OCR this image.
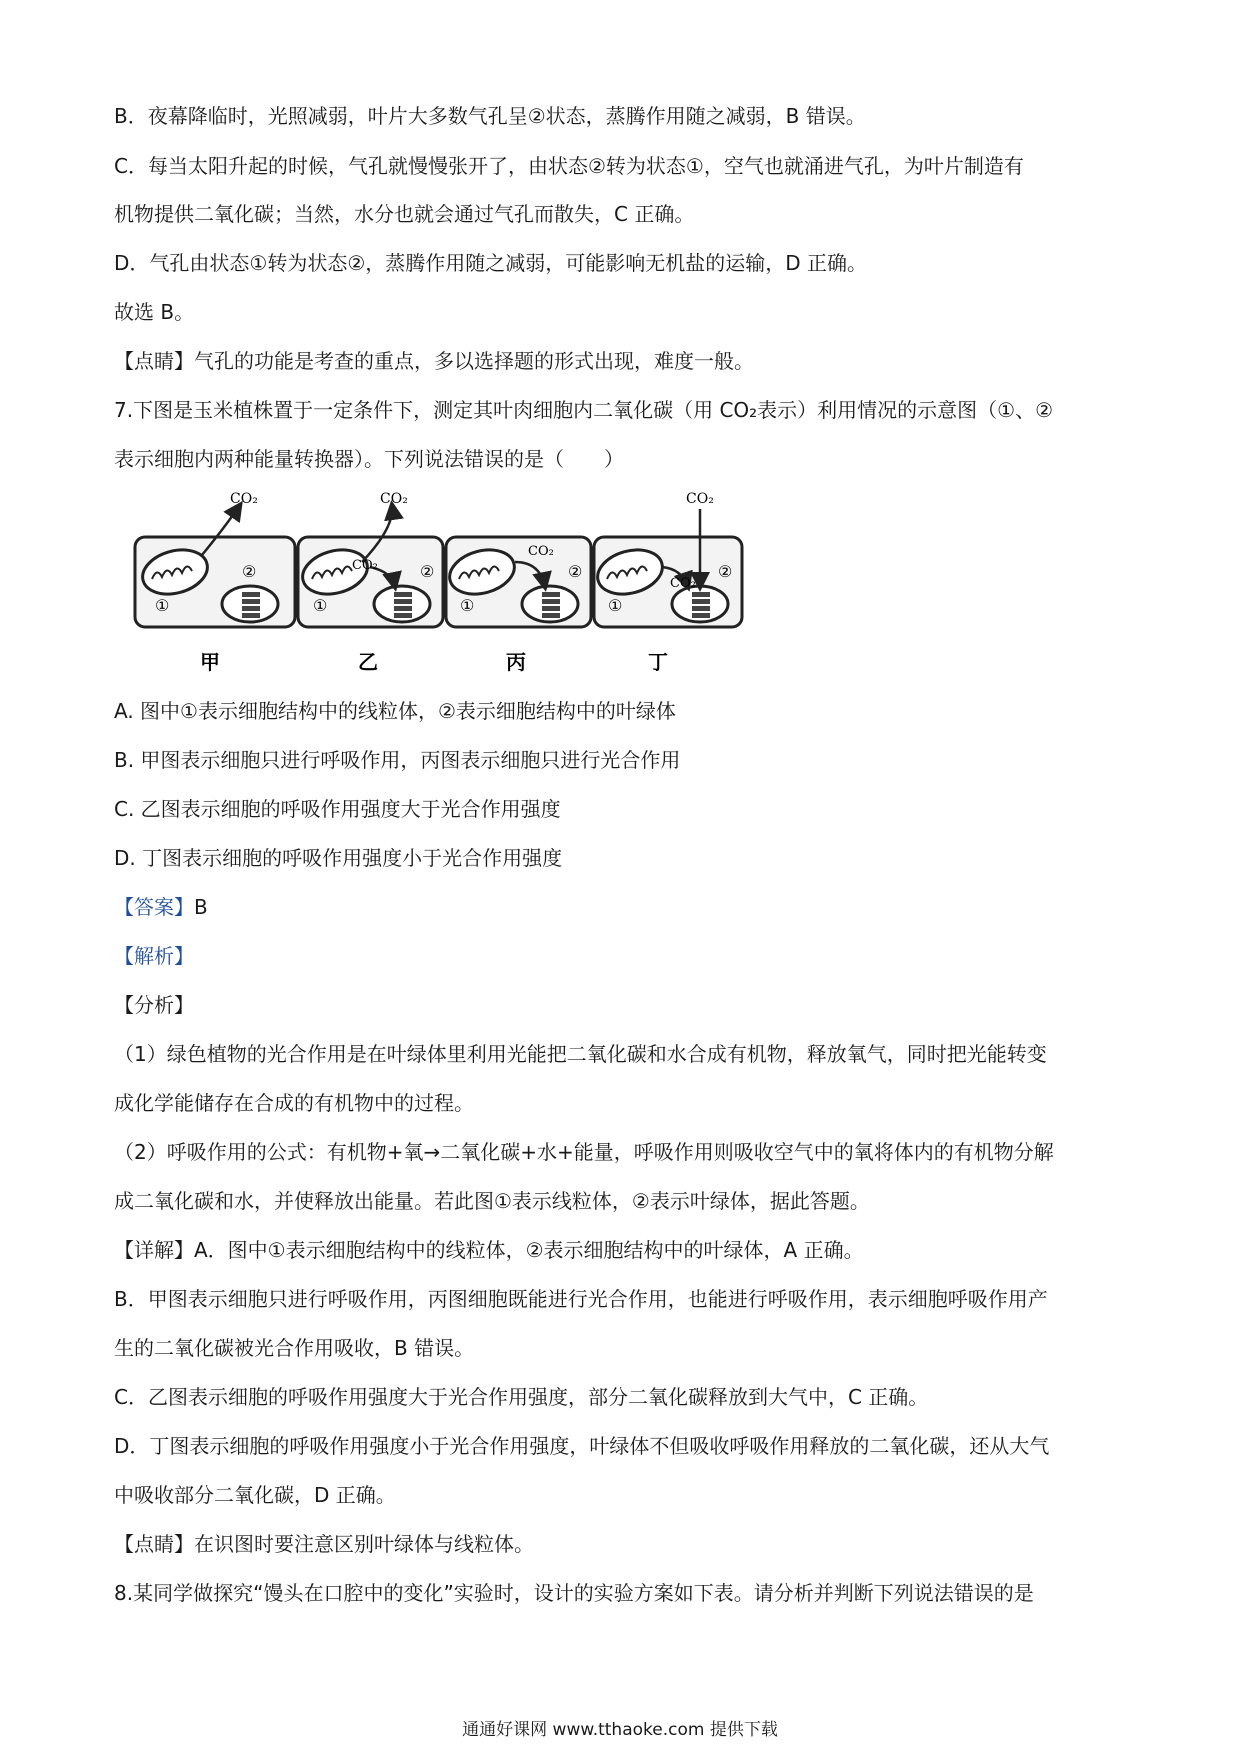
B．夜幕降临时，光照减弱，叶片大多数气孔呈②状态，蒸腾作用随之减弱，B 错误。
C．每当太阳升起的时候，气孔就慢慢张开了，由状态②转为状态①，空气也就涌进气孔，为叶片制造有
机物提供二氧化碳；当然，水分也就会通过气孔而散失，C 正确。
D．气孔由状态①转为状态②，蒸腾作用随之减弱，可能影响无机盐的运输，D 正确。
故选 B。
【点睛】气孔的功能是考查的重点，多以选择题的形式出现，难度一般。
7.下图是玉米植株置于一定条件下，测定其叶肉细胞内二氧化碳（用 CO₂表示）利用情况的示意图（①、②
表示细胞内两种能量转换器）。下列说法错误的是（　　）
CO₂
①
②
甲
CO₂
CO₂
①
②
乙
CO₂
①
②
丙
CO₂
CO₂
①
②
丁
A. 图中①表示细胞结构中的线粒体，②表示细胞结构中的叶绿体
B. 甲图表示细胞只进行呼吸作用，丙图表示细胞只进行光合作用
C. 乙图表示细胞的呼吸作用强度大于光合作用强度
D. 丁图表示细胞的呼吸作用强度小于光合作用强度
【答案】B
【解析】
【分析】
（1）绿色植物的光合作用是在叶绿体里利用光能把二氧化碳和水合成有机物，释放氧气，同时把光能转变
成化学能储存在合成的有机物中的过程。
（2）呼吸作用的公式：有机物+氧→二氧化碳+水+能量，呼吸作用则吸收空气中的氧将体内的有机物分解
成二氧化碳和水，并使释放出能量。若此图①表示线粒体，②表示叶绿体，据此答题。
【详解】A．图中①表示细胞结构中的线粒体，②表示细胞结构中的叶绿体，A 正确。
B．甲图表示细胞只进行呼吸作用，丙图细胞既能进行光合作用，也能进行呼吸作用，表示细胞呼吸作用产
生的二氧化碳被光合作用吸收，B 错误。
C．乙图表示细胞的呼吸作用强度大于光合作用强度，部分二氧化碳释放到大气中，C 正确。
D．丁图表示细胞的呼吸作用强度小于光合作用强度，叶绿体不但吸收呼吸作用释放的二氧化碳，还从大气
中吸收部分二氧化碳，D 正确。
【点睛】在识图时要注意区别叶绿体与线粒体。
8.某同学做探究“馒头在口腔中的变化”实验时，设计的实验方案如下表。请分析并判断下列说法错误的是
通通好课网 www.tthaoke.com 提供下载
